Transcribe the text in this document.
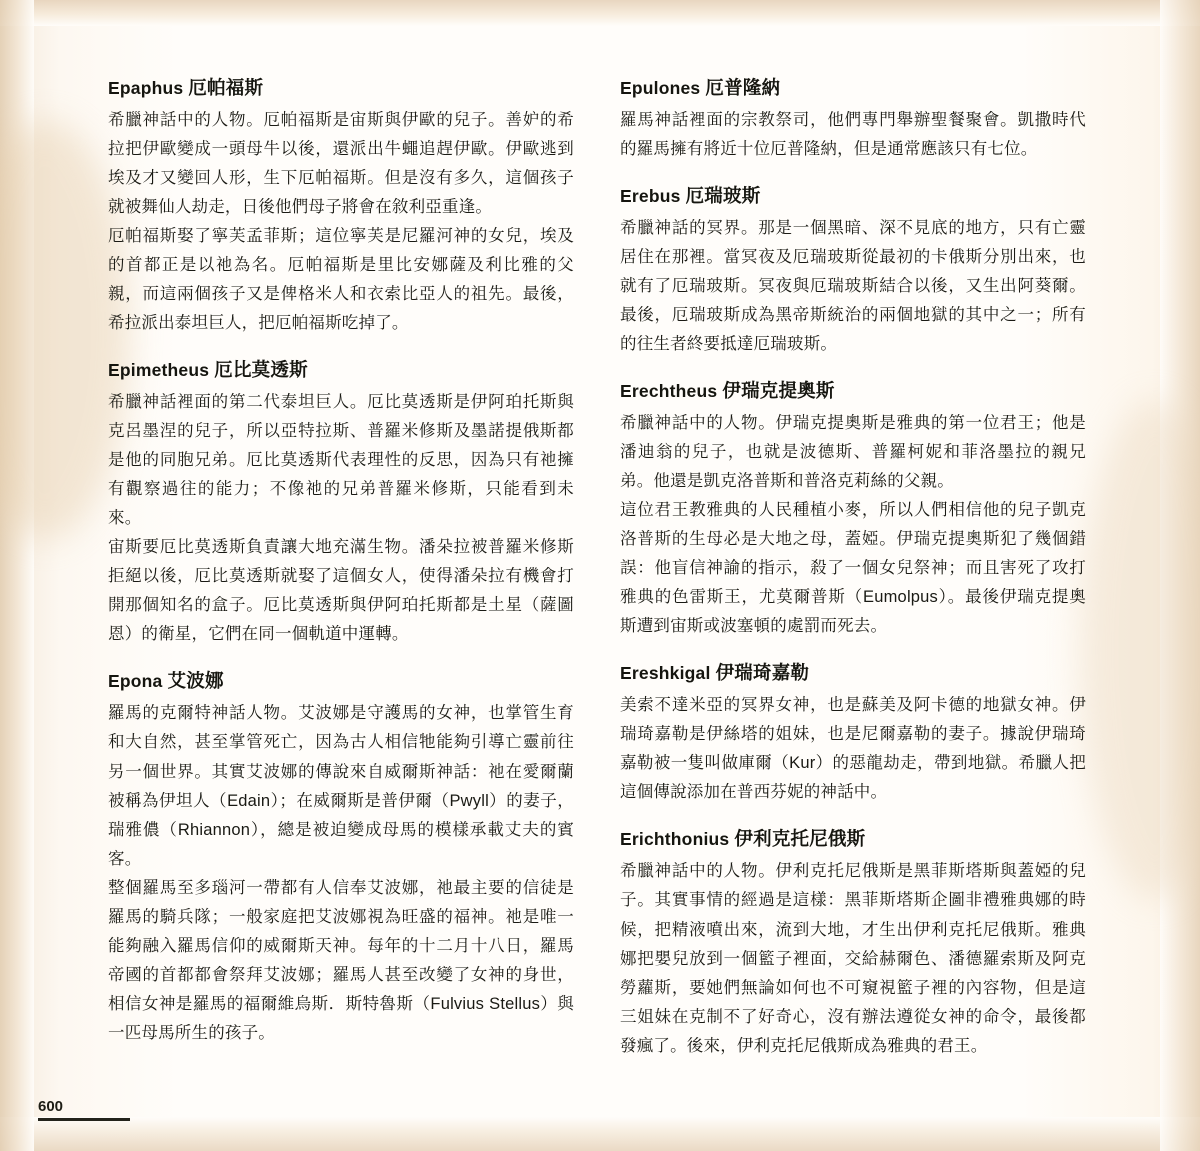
Epaphus 厄帕福斯

希臘神話中的人物。厄帕福斯是宙斯與伊歐的兒子。善妒的希拉把伊歐變成一頭母牛以後，還派出牛蠅追趕伊歐。伊歐逃到埃及才又變回人形，生下厄帕福斯。但是沒有多久，這個孩子就被舞仙人劫走，日後他們母子將會在敘利亞重逢。

厄帕福斯娶了寧芙孟菲斯；這位寧芙是尼羅河神的女兒，埃及的首都正是以祂為名。厄帕福斯是里比安娜薩及利比雅的父親，而這兩個孩子又是俾格米人和衣索比亞人的祖先。最後，希拉派出泰坦巨人，把厄帕福斯吃掉了。

Epimetheus 厄比莫透斯

希臘神話裡面的第二代泰坦巨人。厄比莫透斯是伊阿珀托斯與克呂墨涅的兒子，所以亞特拉斯、普羅米修斯及墨諾提俄斯都是他的同胞兄弟。厄比莫透斯代表理性的反思，因為只有祂擁有觀察過往的能力；不像祂的兄弟普羅米修斯，只能看到未來。

宙斯要厄比莫透斯負責讓大地充滿生物。潘朵拉被普羅米修斯拒絕以後，厄比莫透斯就娶了這個女人，使得潘朵拉有機會打開那個知名的盒子。厄比莫透斯與伊阿珀托斯都是土星（薩圖恩）的衛星，它們在同一個軌道中運轉。

Epona 艾波娜

羅馬的克爾特神話人物。艾波娜是守護馬的女神，也掌管生育和大自然，甚至掌管死亡，因為古人相信牠能夠引導亡靈前往另一個世界。其實艾波娜的傳說來自威爾斯神話：祂在愛爾蘭被稱為伊坦人（Edain）；在威爾斯是普伊爾（Pwyll）的妻子，瑞雅儂（Rhiannon），總是被迫變成母馬的模樣承載丈夫的賓客。

整個羅馬至多瑙河一帶都有人信奉艾波娜，祂最主要的信徒是羅馬的騎兵隊；一般家庭把艾波娜視為旺盛的福神。祂是唯一能夠融入羅馬信仰的威爾斯天神。每年的十二月十八日，羅馬帝國的首都都會祭拜艾波娜；羅馬人甚至改變了女神的身世，相信女神是羅馬的福爾維烏斯．斯特魯斯（Fulvius Stellus）與一匹母馬所生的孩子。

Epulones 厄普隆納

羅馬神話裡面的宗教祭司，他們專門舉辦聖餐聚會。凱撒時代的羅馬擁有將近十位厄普隆納，但是通常應該只有七位。

Erebus 厄瑞玻斯

希臘神話的冥界。那是一個黑暗、深不見底的地方，只有亡靈居住在那裡。當冥夜及厄瑞玻斯從最初的卡俄斯分別出來，也就有了厄瑞玻斯。冥夜與厄瑞玻斯結合以後，又生出阿葵爾。最後，厄瑞玻斯成為黑帝斯統治的兩個地獄的其中之一；所有的往生者終要抵達厄瑞玻斯。

Erechtheus 伊瑞克提奧斯

希臘神話中的人物。伊瑞克提奧斯是雅典的第一位君王；他是潘迪翁的兒子，也就是波德斯、普羅柯妮和菲洛墨拉的親兄弟。他還是凱克洛普斯和普洛克莉絲的父親。

這位君王教雅典的人民種植小麥，所以人們相信他的兒子凱克洛普斯的生母必是大地之母，蓋婭。伊瑞克提奧斯犯了幾個錯誤：他盲信神諭的指示，殺了一個女兒祭神；而且害死了攻打雅典的色雷斯王，尤莫爾普斯（Eumolpus）。最後伊瑞克提奧斯遭到宙斯或波塞頓的處罰而死去。

Ereshkigal 伊瑞琦嘉勒

美索不達米亞的冥界女神，也是蘇美及阿卡德的地獄女神。伊瑞琦嘉勒是伊絲塔的姐妹，也是尼爾嘉勒的妻子。據說伊瑞琦嘉勒被一隻叫做庫爾（Kur）的惡龍劫走，帶到地獄。希臘人把這個傳說添加在普西芬妮的神話中。

Erichthonius 伊利克托尼俄斯

希臘神話中的人物。伊利克托尼俄斯是黑菲斯塔斯與蓋婭的兒子。其實事情的經過是這樣：黑菲斯塔斯企圖非禮雅典娜的時候，把精液噴出來，流到大地，才生出伊利克托尼俄斯。雅典娜把嬰兒放到一個籃子裡面，交給赫爾色、潘德羅索斯及阿克勞蘿斯，要她們無論如何也不可窺視籃子裡的內容物，但是這三姐妹在克制不了好奇心，沒有辦法遵從女神的命令，最後都發瘋了。後來，伊利克托尼俄斯成為雅典的君王。

600
